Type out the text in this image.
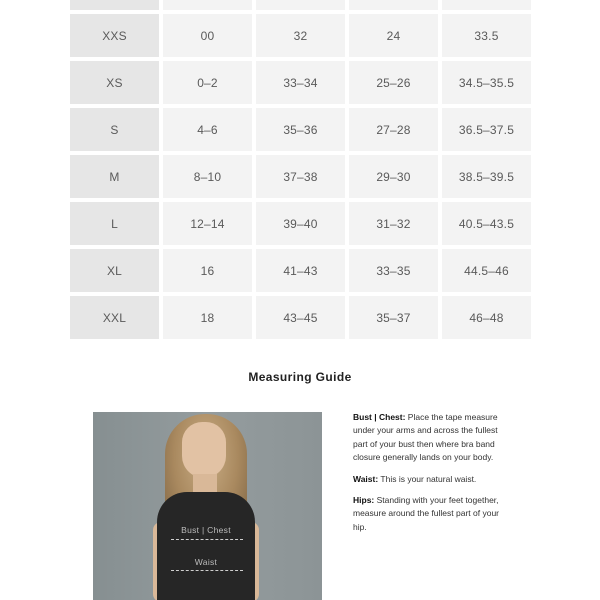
XXS	00	32	24	33.5
XS	0–2	33–34	25–26	34.5–35.5
S	4–6	35–36	27–28	36.5–37.5
M	8–10	37–38	29–30	38.5–39.5
L	12–14	39–40	31–32	40.5–43.5
XL	16	41–43	33–35	44.5–46
XXL	18	43–45	35–37	46–48
Measuring Guide
Bust | Chest
Waist

Bust | Chest: Place the tape measure under your arms and across the fullest part of your bust then where bra band closure generally lands on your body.

Waist: This is your natural waist.

Hips: Standing with your feet together, measure around the fullest part of your hip.
